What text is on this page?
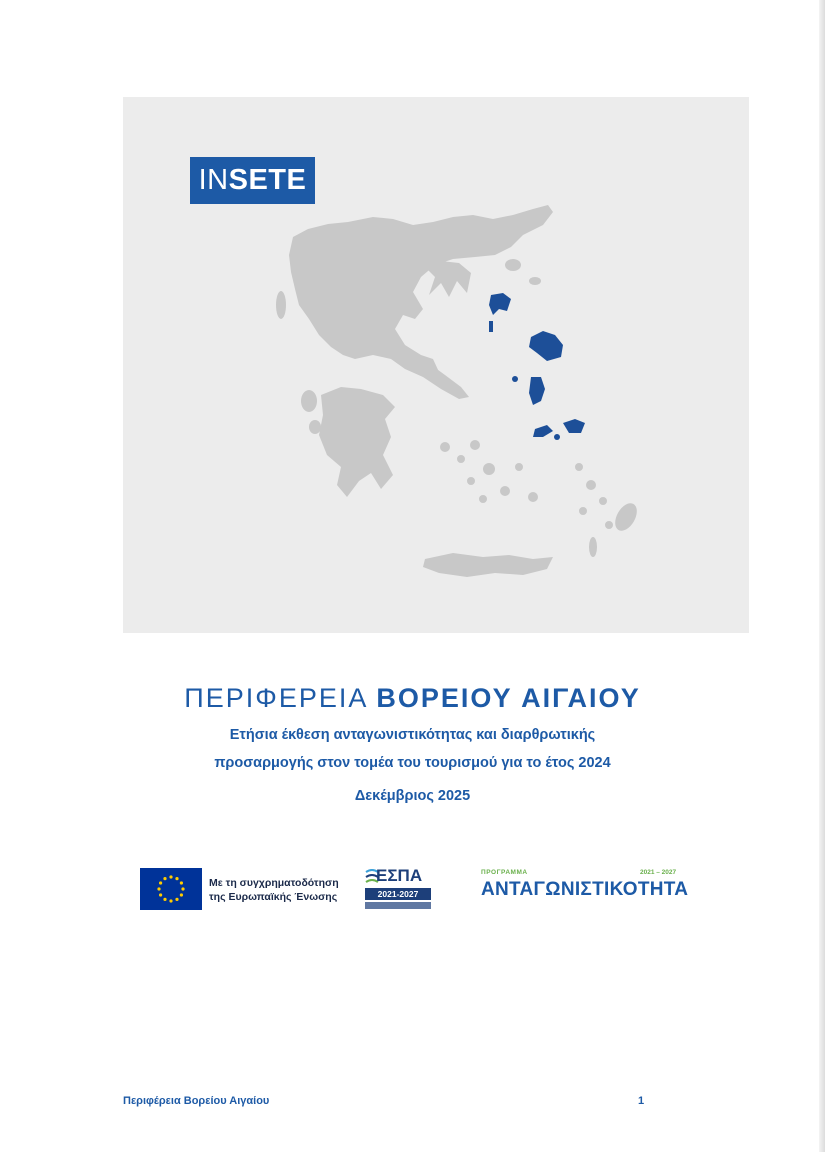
INSETE
ΠΕΡΙΦΕΡΕΙΑ ΒΟΡΕΙΟΥ ΑΙΓΑΙΟΥ
Ετήσια έκθεση ανταγωνιστικότητας και διαρθρωτικής
προσαρμογής στον τομέα του τουρισμού για το έτος 2024
Δεκέμβριος 2025
Με τη συγχρηματοδότηση
της Ευρωπαϊκής Ένωσης
ΕΣΠΑ
2021-2027
ΠΡΟΓΡΑΜΜΑ	2021 – 2027
ΑΝΤΑΓΩΝΙΣΤΙΚΟΤΗΤΑ
Περιφέρεια Βορείου Αιγαίου	1
